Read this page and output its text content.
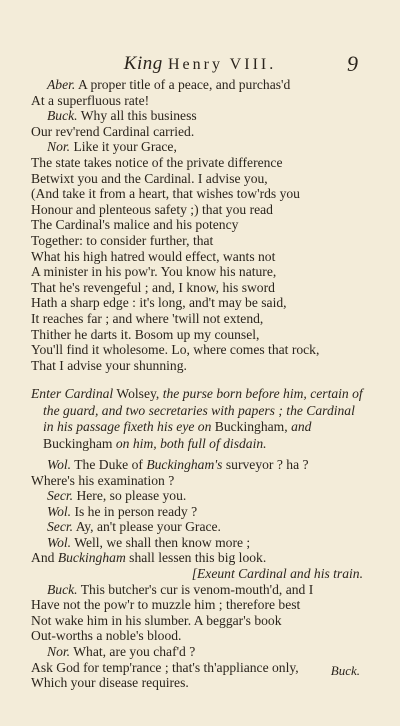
King Henry VIII.	9
Aber. A proper title of a peace, and purchas'd
At a superfluous rate!
Buck. Why all this business
Our rev'rend Cardinal carried.
Nor. Like it your Grace,
The state takes notice of the private difference
Betwixt you and the Cardinal. I advise you,
(And take it from a heart, that wishes tow'rds you
Honour and plenteous safety ;) that you read
The Cardinal's malice and his potency
Together: to consider further, that
What his high hatred would effect, wants not
A minister in his pow'r. You know his nature,
That he's revengeful ; and, I know, his sword
Hath a sharp edge : it's long, and't may be said,
It reaches far ; and where 'twill not extend,
Thither he darts it. Bosom up my counsel,
You'll find it wholesome. Lo, where comes that rock,
That I advise your shunning.
Enter Cardinal Wolsey, the purse born before him, certain of the guard, and two secretaries with papers ; the Cardinal in his passage fixeth his eye on Buckingham, and Buckingham on him, both full of disdain.
Wol. The Duke of Buckingham's surveyor ? ha ?
Where's his examination ?
Secr. Here, so please you.
Wol. Is he in person ready ?
Secr. Ay, an't please your Grace.
Wol. Well, we shall then know more ;
And Buckingham shall lessen this big look.
[Exeunt Cardinal and his train.
Buck. This butcher's cur is venom-mouth'd, and I
Have not the pow'r to muzzle him ; therefore best
Not wake him in his slumber. A beggar's book
Out-worths a noble's blood.
Nor. What, are you chaf'd ?
Ask God for temp'rance ; that's th'appliance only,
Which your disease requires.
Buck.
